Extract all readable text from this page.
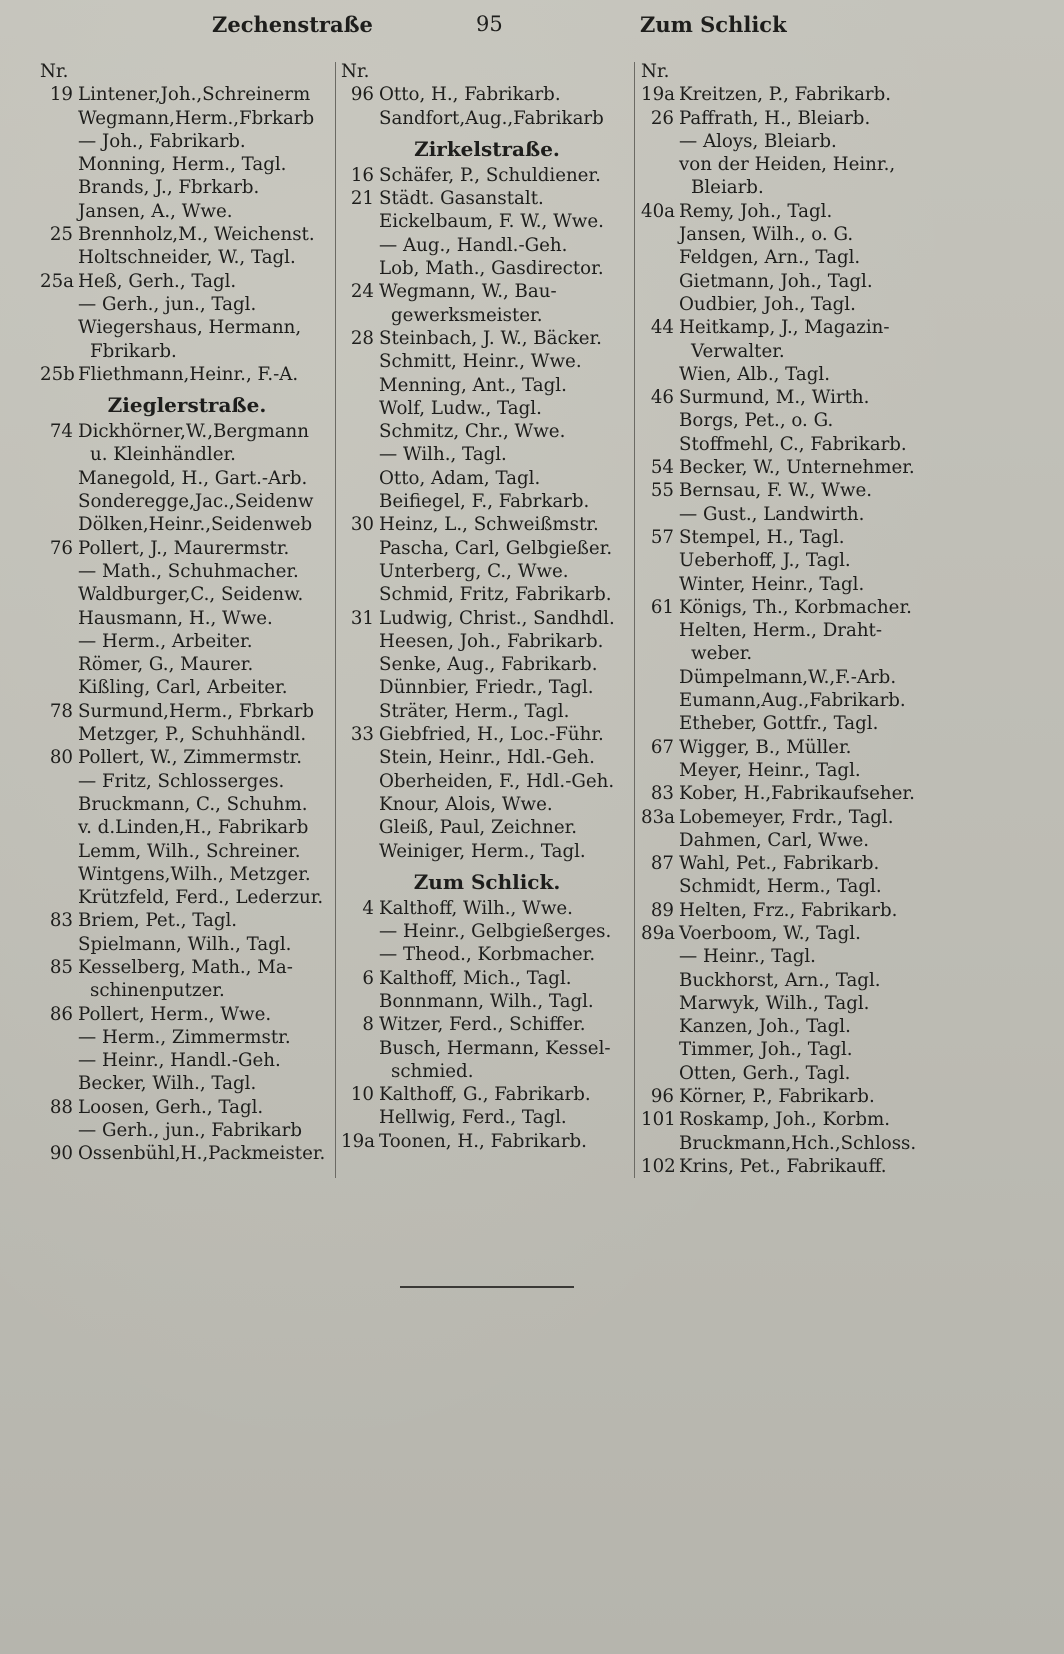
Zechenstraße	95	Zum Schlick
Nr.
19 Lintener,Joh.,Schreinerm
Wegmann,Herm.,Fbrkarb
— Joh., Fabrikarb.
Monning, Herm., Tagl.
Brands, J., Fbrkarb.
Jansen, A., Wwe.
25 Brennholz,M., Weichenst.
Holtschneider, W., Tagl.
25a Heß, Gerh., Tagl.
— Gerh., jun., Tagl.
Wiegershaus, Hermann,
Fbrikarb.
25b Fliethmann,Heinr., F.-A.
Zieglerstraße.
74 Dickhörner,W.,Bergmann
u. Kleinhändler.
Manegold, H., Gart.-Arb.
Sonderegge,Jac.,Seidenw
Dölken,Heinr.,Seidenweb
76 Pollert, J., Maurermstr.
— Math., Schuhmacher.
Waldburger,C., Seidenw.
Hausmann, H., Wwe.
— Herm., Arbeiter.
Römer, G., Maurer.
Kißling, Carl, Arbeiter.
78 Surmund,Herm., Fbrkarb
Metzger, P., Schuhhändl.
80 Pollert, W., Zimmermstr.
— Fritz, Schlosserges.
Bruckmann, C., Schuhm.
v. d.Linden,H., Fabrikarb
Lemm, Wilh., Schreiner.
Wintgens,Wilh., Metzger.
Krützfeld, Ferd., Lederzur.
83 Briem, Pet., Tagl.
Spielmann, Wilh., Tagl.
85 Kesselberg, Math., Ma-
schinenputzer.
86 Pollert, Herm., Wwe.
— Herm., Zimmermstr.
— Heinr., Handl.-Geh.
Becker, Wilh., Tagl.
88 Loosen, Gerh., Tagl.
— Gerh., jun., Fabrikarb
90 Ossenbühl,H.,Packmeister.
Nr.
96 Otto, H., Fabrikarb.
Sandfort,Aug.,Fabrikarb
Zirkelstraße.
16 Schäfer, P., Schuldiener.
21 Städt. Gasanstalt.
Eickelbaum, F. W., Wwe.
— Aug., Handl.-Geh.
Lob, Math., Gasdirector.
24 Wegmann, W., Bau-
gewerksmeister.
28 Steinbach, J. W., Bäcker.
Schmitt, Heinr., Wwe.
Menning, Ant., Tagl.
Wolf, Ludw., Tagl.
Schmitz, Chr., Wwe.
— Wilh., Tagl.
Otto, Adam, Tagl.
Beifiegel, F., Fabrkarb.
30 Heinz, L., Schweißmstr.
Pascha, Carl, Gelbgießer.
Unterberg, C., Wwe.
Schmid, Fritz, Fabrikarb.
31 Ludwig, Christ., Sandhdl.
Heesen, Joh., Fabrikarb.
Senke, Aug., Fabrikarb.
Dünnbier, Friedr., Tagl.
Sträter, Herm., Tagl.
33 Giebfried, H., Loc.-Führ.
Stein, Heinr., Hdl.-Geh.
Oberheiden, F., Hdl.-Geh.
Knour, Alois, Wwe.
Gleiß, Paul, Zeichner.
Weiniger, Herm., Tagl.
Zum Schlick.
4 Kalthoff, Wilh., Wwe.
— Heinr., Gelbgießerges.
— Theod., Korbmacher.
6 Kalthoff, Mich., Tagl.
Bonnmann, Wilh., Tagl.
8 Witzer, Ferd., Schiffer.
Busch, Hermann, Kessel-
schmied.
10 Kalthoff, G., Fabrikarb.
Hellwig, Ferd., Tagl.
19a Toonen, H., Fabrikarb.
Nr.
19a Kreitzen, P., Fabrikarb.
26 Paffrath, H., Bleiarb.
— Aloys, Bleiarb.
von der Heiden, Heinr.,
Bleiarb.
40a Remy, Joh., Tagl.
Jansen, Wilh., o. G.
Feldgen, Arn., Tagl.
Gietmann, Joh., Tagl.
Oudbier, Joh., Tagl.
44 Heitkamp, J., Magazin-
Verwalter.
Wien, Alb., Tagl.
46 Surmund, M., Wirth.
Borgs, Pet., o. G.
Stoffmehl, C., Fabrikarb.
54 Becker, W., Unternehmer.
55 Bernsau, F. W., Wwe.
— Gust., Landwirth.
57 Stempel, H., Tagl.
Ueberhoff, J., Tagl.
Winter, Heinr., Tagl.
61 Königs, Th., Korbmacher.
Helten, Herm., Draht-
weber.
Dümpelmann,W.,F.-Arb.
Eumann,Aug.,Fabrikarb.
Etheber, Gottfr., Tagl.
67 Wigger, B., Müller.
Meyer, Heinr., Tagl.
83 Kober, H.,Fabrikaufseher.
83a Lobemeyer, Frdr., Tagl.
Dahmen, Carl, Wwe.
87 Wahl, Pet., Fabrikarb.
Schmidt, Herm., Tagl.
89 Helten, Frz., Fabrikarb.
89a Voerboom, W., Tagl.
— Heinr., Tagl.
Buckhorst, Arn., Tagl.
Marwyk, Wilh., Tagl.
Kanzen, Joh., Tagl.
Timmer, Joh., Tagl.
Otten, Gerh., Tagl.
96 Körner, P., Fabrikarb.
101 Roskamp, Joh., Korbm.
Bruckmann,Hch.,Schloss.
102 Krins, Pet., Fabrikauff.
